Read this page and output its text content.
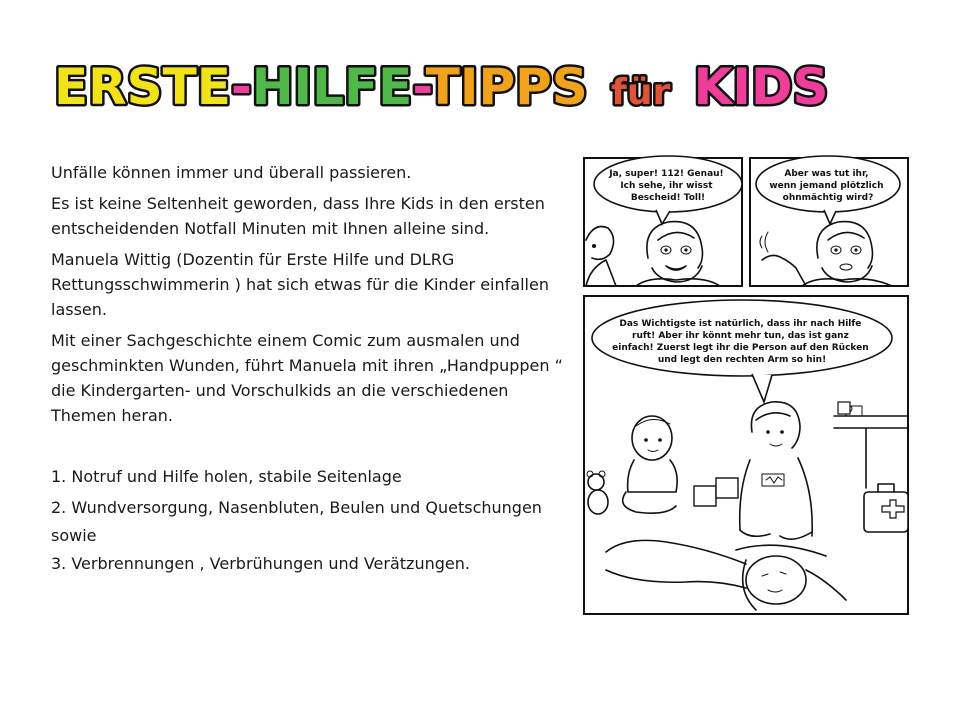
ERSTE-HILFE-TIPPS für KIDS

Unfälle können immer und überall passieren.

Es ist keine Seltenheit geworden, dass Ihre Kids in den ersten entscheidenden Notfall Minuten mit Ihnen alleine sind.

Manuela Wittig (Dozentin für Erste Hilfe und DLRG Rettungsschwimmerin ) hat sich etwas für die Kinder einfallen lassen.

Mit einer Sachgeschichte einem Comic zum ausmalen und geschminkten Wunden, führt Manuela mit ihren „Handpuppen “ die Kindergarten- und Vorschulkids an die verschiedenen Themen heran.

1. Notruf und Hilfe holen, stabile Seitenlage

2. Wundversorgung, Nasenbluten, Beulen und Quetschungen

sowie

3. Verbrennungen , Verbrühungen und Verätzungen.

Ja, super! 112! Genau! Ich sehe, ihr wisst Bescheid! Toll!
Aber was tut ihr, wenn jemand plötzlich ohnmächtig wird?
Das Wichtigste ist natürlich, dass ihr nach Hilfe ruft! Aber ihr könnt mehr tun, das ist ganz einfach! Zuerst legt ihr die Person auf den Rücken und legt den rechten Arm so hin!
